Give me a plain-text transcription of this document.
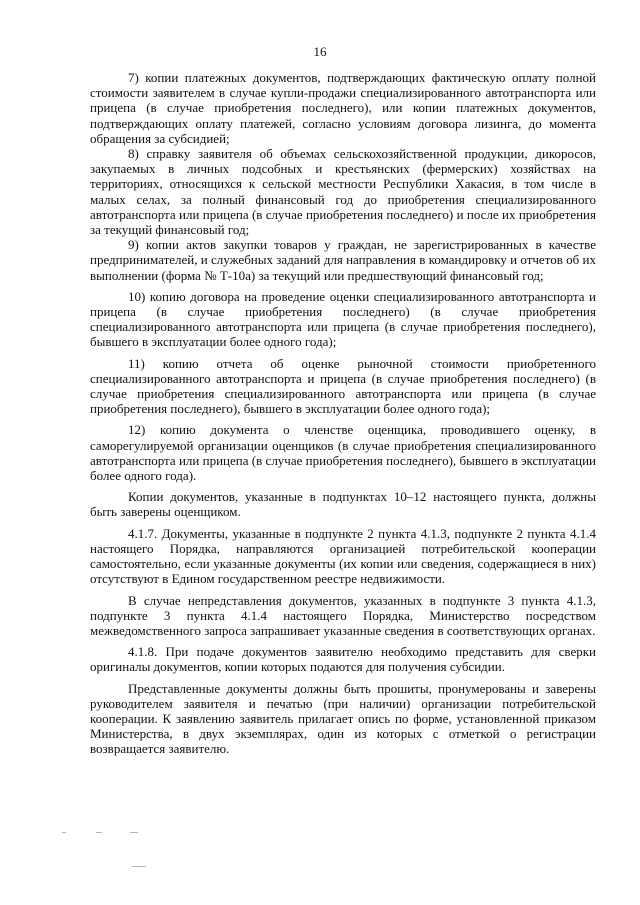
16

7) копии платежных документов, подтверждающих фактическую оплату полной стоимости заявителем в случае купли-продажи специализированного автотранспорта или прицепа (в случае приобретения последнего), или копии платежных документов, подтверждающих оплату платежей, согласно условиям договора лизинга, до момента обращения за субсидией;

8) справку заявителя об объемах сельскохозяйственной продукции, дикоросов, закупаемых в личных подсобных и крестьянских (фермерских) хозяйствах на территориях, относящихся к сельской местности Республики Хакасия, в том числе в малых селах, за полный финансовый год до приобретения специализированного автотранспорта или прицепа (в случае приобретения последнего) и после их приобретения за текущий финансовый год;

9) копии актов закупки товаров у граждан, не зарегистрированных в качестве предпринимателей, и служебных заданий для направления в командировку и отчетов об их выполнении (форма № Т-10а) за текущий или предшествующий финансовый год;

10) копию договора на проведение оценки специализированного автотранспорта и прицепа (в случае приобретения последнего) (в случае приобретения специализированного автотранспорта или прицепа (в случае приобретения последнего), бывшего в эксплуатации более одного года);

11) копию отчета об оценке рыночной стоимости приобретенного специализированного автотранспорта и прицепа (в случае приобретения последнего) (в случае приобретения специализированного автотранспорта или прицепа (в случае приобретения последнего), бывшего в эксплуатации более одного года);

12) копию документа о членстве оценщика, проводившего оценку, в саморегулируемой организации оценщиков (в случае приобретения специализированного автотранспорта или прицепа (в случае приобретения последнего), бывшего в эксплуатации более одного года).

Копии документов, указанные в подпунктах 10–12 настоящего пункта, должны быть заверены оценщиком.

4.1.7. Документы, указанные в подпункте 2 пункта 4.1.3, подпункте 2 пункта 4.1.4 настоящего Порядка, направляются организацией потребительской кооперации самостоятельно, если указанные документы (их копии или сведения, содержащиеся в них) отсутствуют в Едином государственном реестре недвижимости.

В случае непредставления документов, указанных в подпункте 3 пункта 4.1.3, подпункте 3 пункта 4.1.4 настоящего Порядка, Министерство посредством межведомственного запроса запрашивает указанные сведения в соответствующих органах.

4.1.8. При подаче документов заявителю необходимо представить для сверки оригиналы документов, копии которых подаются для получения субсидии.

Представленные документы должны быть прошиты, пронумерованы и заверены руководителем заявителя и печатью (при наличии) организации потребительской кооперации. К заявлению заявитель прилагает опись по форме, установленной приказом Министерства, в двух экземплярах, один из которых с отметкой о регистрации возвращается заявителю.
